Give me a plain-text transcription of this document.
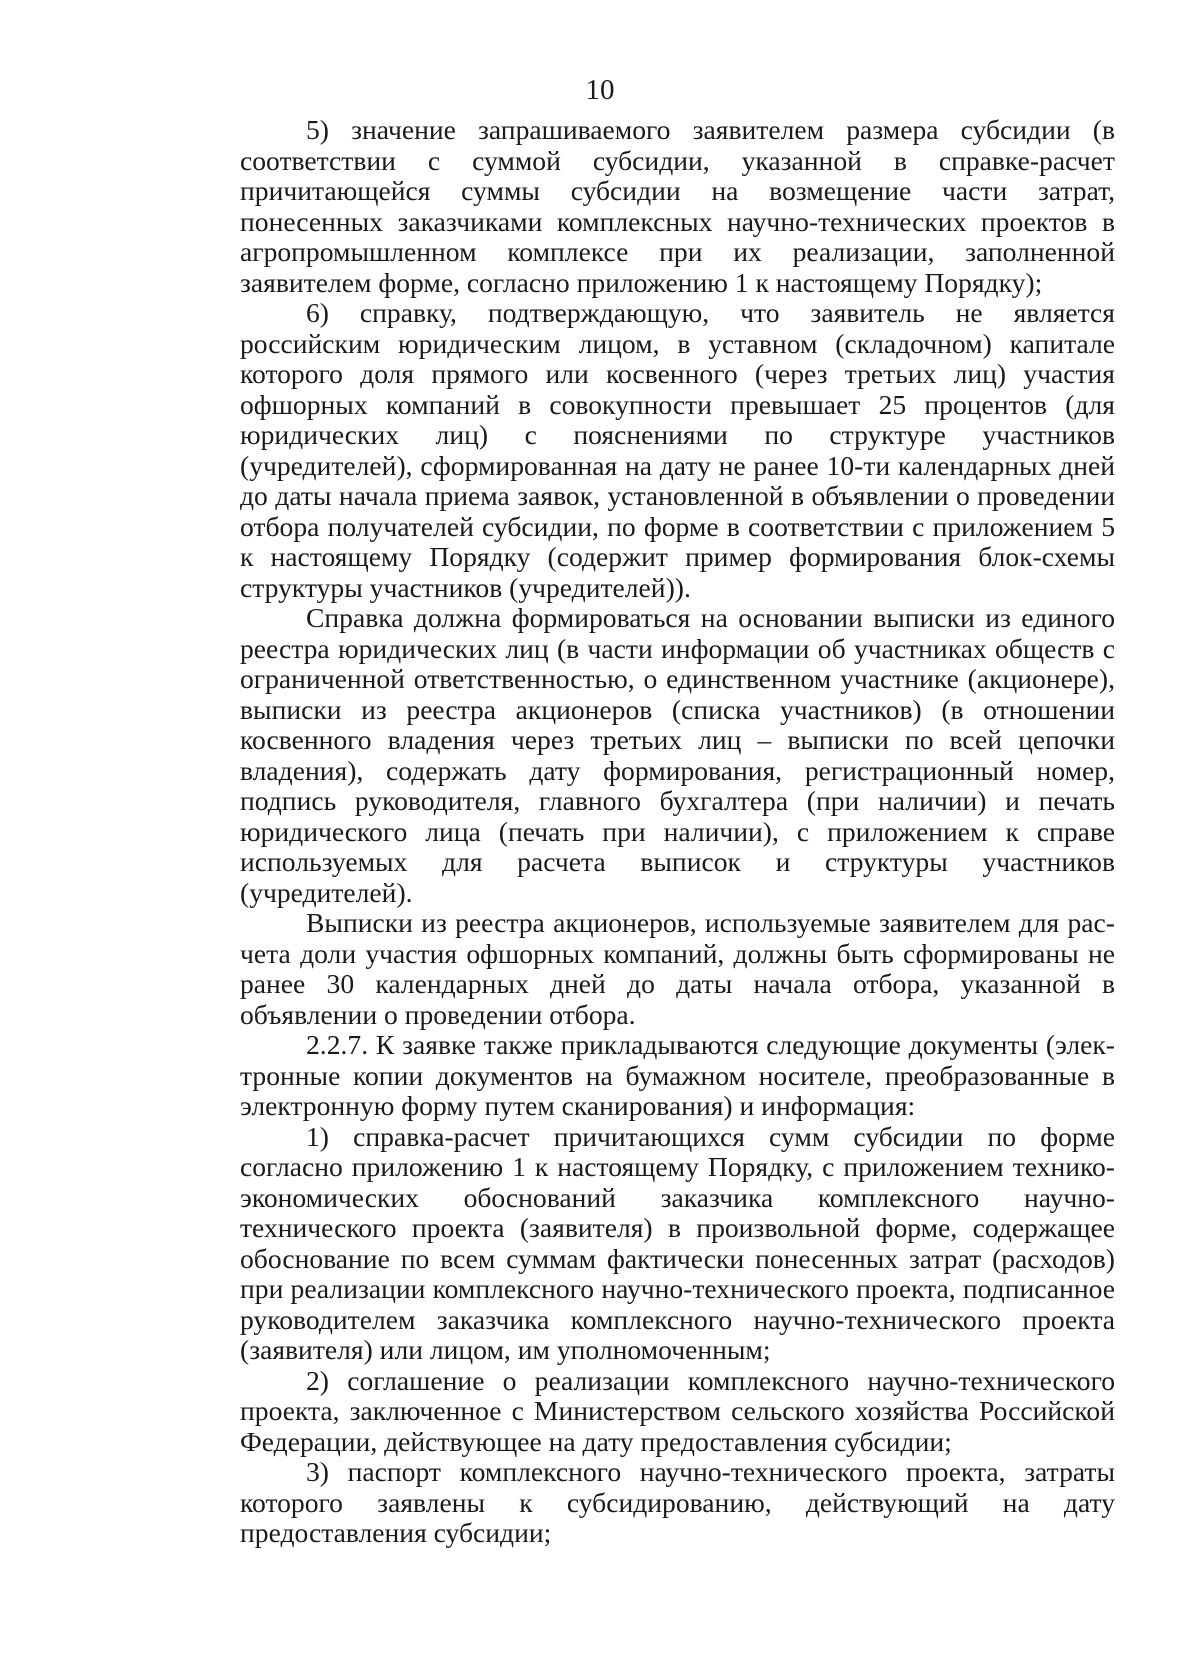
10

5) значение запрашиваемого заявителем размера субсидии (в соответствии с суммой субсидии, указанной в справке-расчет причитающейся суммы субсидии на возмещение части затрат, понесенных заказчиками комплексных научно-технических проектов в агропромышленном комплексе при их реализации, заполненной заявителем форме, согласно приложению 1 к настоящему Порядку);

6) справку, подтверждающую, что заявитель не является российским юридическим лицом, в уставном (складочном) капитале которого доля прямого или косвенного (через третьих лиц) участия офшорных компаний в совокупности превышает 25 процентов (для юридических лиц) с пояснениями по структуре участников (учредителей), сформированная на дату не ранее 10-ти календарных дней до даты начала приема заявок, установленной в объявлении о проведении отбора получателей субсидии, по форме в соответствии с приложением 5 к настоящему Порядку (содержит пример формирования блок-схемы структуры участников (учредителей)).

Справка должна формироваться на основании выписки из единого реестра юридических лиц (в части информации об участниках обществ с ограниченной ответственностью, о единственном участнике (акционере), выписки из реестра акционеров (списка участников) (в отношении косвенного владения через третьих лиц – выписки по всей цепочки владения), содержать дату формирования, регистрационный номер, подпись руководителя, главного бухгалтера (при наличии) и печать юридического лица (печать при наличии), с приложением к справе используемых для расчета выписок и структуры участников (учредителей).

Выписки из реестра акционеров, используемые заявителем для расчета доли участия офшорных компаний, должны быть сформированы не ранее 30 календарных дней до даты начала отбора, указанной в объявлении о проведении отбора.

2.2.7. К заявке также прикладываются следующие документы (электронные копии документов на бумажном носителе, преобразованные в электронную форму путем сканирования) и информация:

1) справка-расчет причитающихся сумм субсидии по форме согласно приложению 1 к настоящему Порядку, с приложением технико-экономических обоснований заказчика комплексного научно-технического проекта (заявителя) в произвольной форме, содержащее обоснование по всем суммам фактически понесенных затрат (расходов) при реализации комплексного научно-технического проекта, подписанное руководителем заказчика комплексного научно-технического проекта (заявителя) или лицом, им уполномоченным;

2) соглашение о реализации комплексного научно-технического проекта, заключенное с Министерством сельского хозяйства Российской Федерации, действующее на дату предоставления субсидии;

3) паспорт комплексного научно-технического проекта, затраты которого заявлены к субсидированию, действующий на дату предоставления субсидии;
